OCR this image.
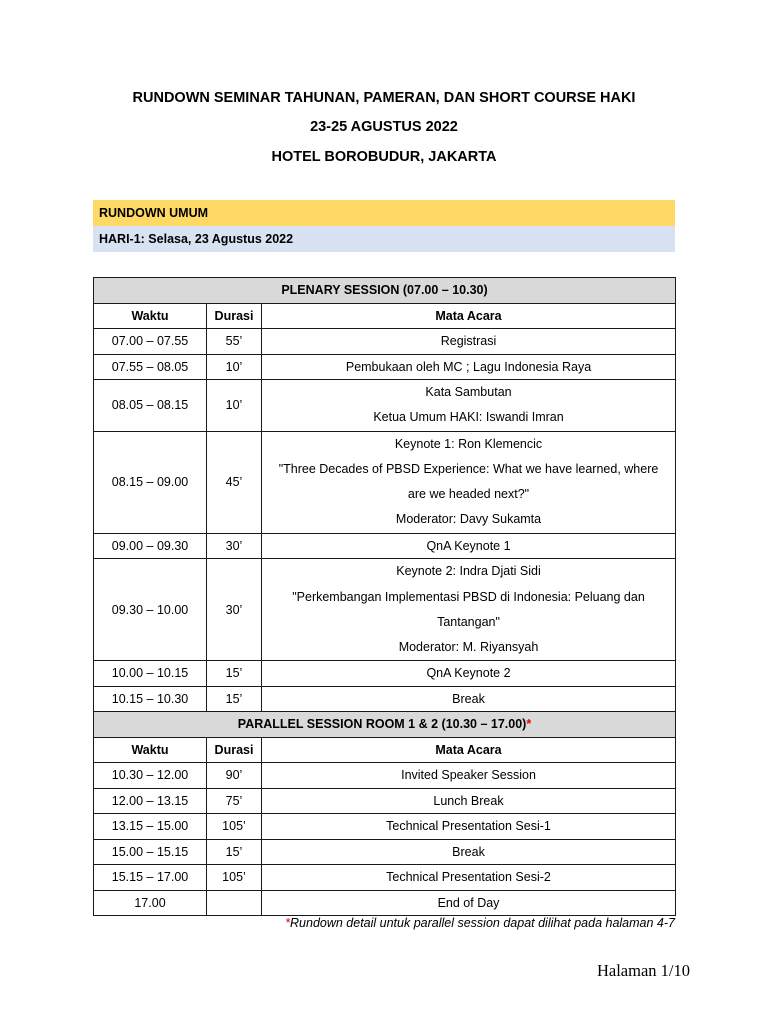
RUNDOWN SEMINAR TAHUNAN, PAMERAN, DAN SHORT COURSE HAKI
23-25 AGUSTUS 2022
HOTEL BOROBUDUR, JAKARTA
RUNDOWN UMUM
HARI-1: Selasa, 23 Agustus 2022
PLENARY SESSION (07.00 – 10.30)		
Waktu	Durasi	Mata Acara
07.00 – 07.55	55’	Registrasi

07.55 – 08.05	10’	Pembukaan oleh MC ; Lagu Indonesia Raya

08.05 – 08.15	10’	Kata Sambutan
Ketua Umum HAKI: Iswandi Imran

08.15 – 09.00	45’	Keynote 1: Ron Klemencic
"Three Decades of PBSD Experience: What we have learned, where
are we headed next?"
Moderator: Davy Sukamta

09.00 – 09.30	30’	QnA Keynote 1

09.30 – 10.00	30’	Keynote 2: Indra Djati Sidi
"Perkembangan Implementasi PBSD di Indonesia: Peluang dan
Tantangan"
Moderator: M. Riyansyah

10.00 – 10.15	15’	QnA Keynote 2

10.15 – 10.30	15’	Break

PARALLEL SESSION ROOM 1 & 2 (10.30 – 17.00)*		
Waktu	Durasi	Mata Acara
10.30 – 12.00	90’	Invited Speaker Session
12.00 – 13.15	75’	Lunch Break
13.15 – 15.00	105’	Technical Presentation Sesi-1
15.00 – 15.15	15’	Break
15.15 – 17.00	105’	Technical Presentation Sesi-2
17.00		End of Day
*Rundown detail untuk parallel session dapat dilihat pada halaman 4-7
Halaman 1/10
